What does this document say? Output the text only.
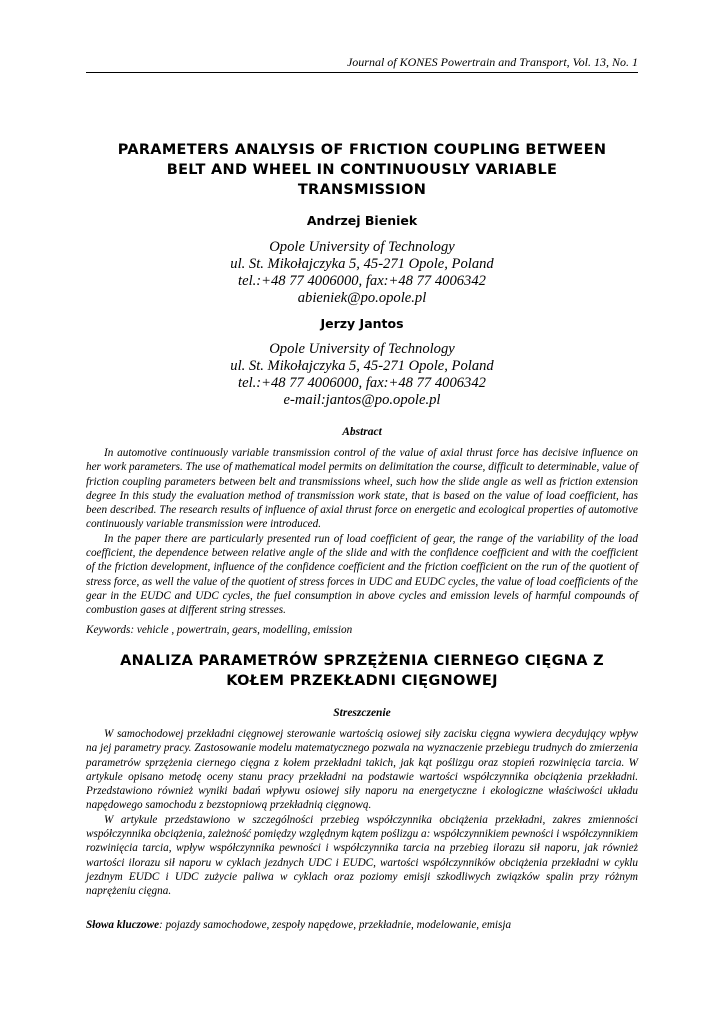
Journal of KONES Powertrain and Transport, Vol. 13, No. 1
PARAMETERS ANALYSIS OF FRICTION COUPLING BETWEEN
BELT AND WHEEL IN CONTINUOUSLY VARIABLE
TRANSMISSION
Andrzej Bieniek
Opole University of Technology
ul. St. Mikołajczyka 5, 45-271 Opole, Poland
tel.:+48 77 4006000, fax:+48 77 4006342
abieniek@po.opole.pl
Jerzy Jantos
Opole University of Technology
ul. St. Mikołajczyka 5, 45-271 Opole, Poland
tel.:+48 77 4006000, fax:+48 77 4006342
e-mail:jantos@po.opole.pl
Abstract

In automotive continuously variable transmission control of the value of axial thrust force has decisive influence on her work parameters. The use of mathematical model permits on delimitation the course, difficult to determinable, value of friction coupling parameters between belt and transmissions wheel, such how the slide angle as well as friction extension degree In this study the evaluation method of transmission work state, that is based on the value of load coefficient, has been described. The research results of influence of axial thrust force on energetic and ecological properties of automotive continuously variable transmission were introduced.

In the paper there are particularly presented run of load coefficient of gear, the range of the variability of the load coefficient, the dependence between relative angle of the slide and with the confidence coefficient and with the coefficient of the friction development, influence of the confidence coefficient and the friction coefficient on the run of the quotient of stress force, as well the value of the quotient of stress forces in UDC and EUDC cycles, the value of load coefficients of the gear in the EUDC and UDC cycles, the fuel consumption in above cycles and emission levels of harmful compounds of combustion gases at different string stresses.

Keywords: vehicle , powertrain, gears, modelling, emission
ANALIZA PARAMETRÓW SPRZĘŻENIA CIERNEGO CIĘGNA Z
KOŁEM PRZEKŁADNI CIĘGNOWEJ
Streszczenie

W samochodowej przekładni cięgnowej sterowanie wartością osiowej siły zacisku cięgna wywiera decydujący wpływ na jej parametry pracy. Zastosowanie modelu matematycznego pozwala na wyznaczenie przebiegu trudnych do zmierzenia parametrów sprzężenia ciernego cięgna z kołem przekładni takich, jak kąt poślizgu oraz stopień rozwinięcia tarcia. W artykule opisano metodę oceny stanu pracy przekładni na podstawie wartości współczynnika obciążenia przekładni. Przedstawiono również wyniki badań wpływu osiowej siły naporu na energetyczne i ekologiczne właściwości układu napędowego samochodu z bezstopniową przekładnią cięgnową.

W artykule przedstawiono w szczególności przebieg współczynnika obciążenia przekładni, zakres zmienności współczynnika obciążenia, zależność pomiędzy względnym kątem poślizgu a: współczynnikiem pewności i współczynnikiem rozwinięcia tarcia, wpływ współczynnika pewności i współczynnika tarcia na przebieg ilorazu sił naporu, jak również wartości ilorazu sił naporu w cyklach jezdnych UDC i EUDC, wartości współczynników obciążenia przekładni w cyklu jezdnym EUDC i UDC zużycie paliwa w cyklach oraz poziomy emisji szkodliwych związków spalin przy różnym naprężeniu cięgna.

Słowa kluczowe: pojazdy samochodowe, zespoły napędowe, przekładnie, modelowanie, emisja
